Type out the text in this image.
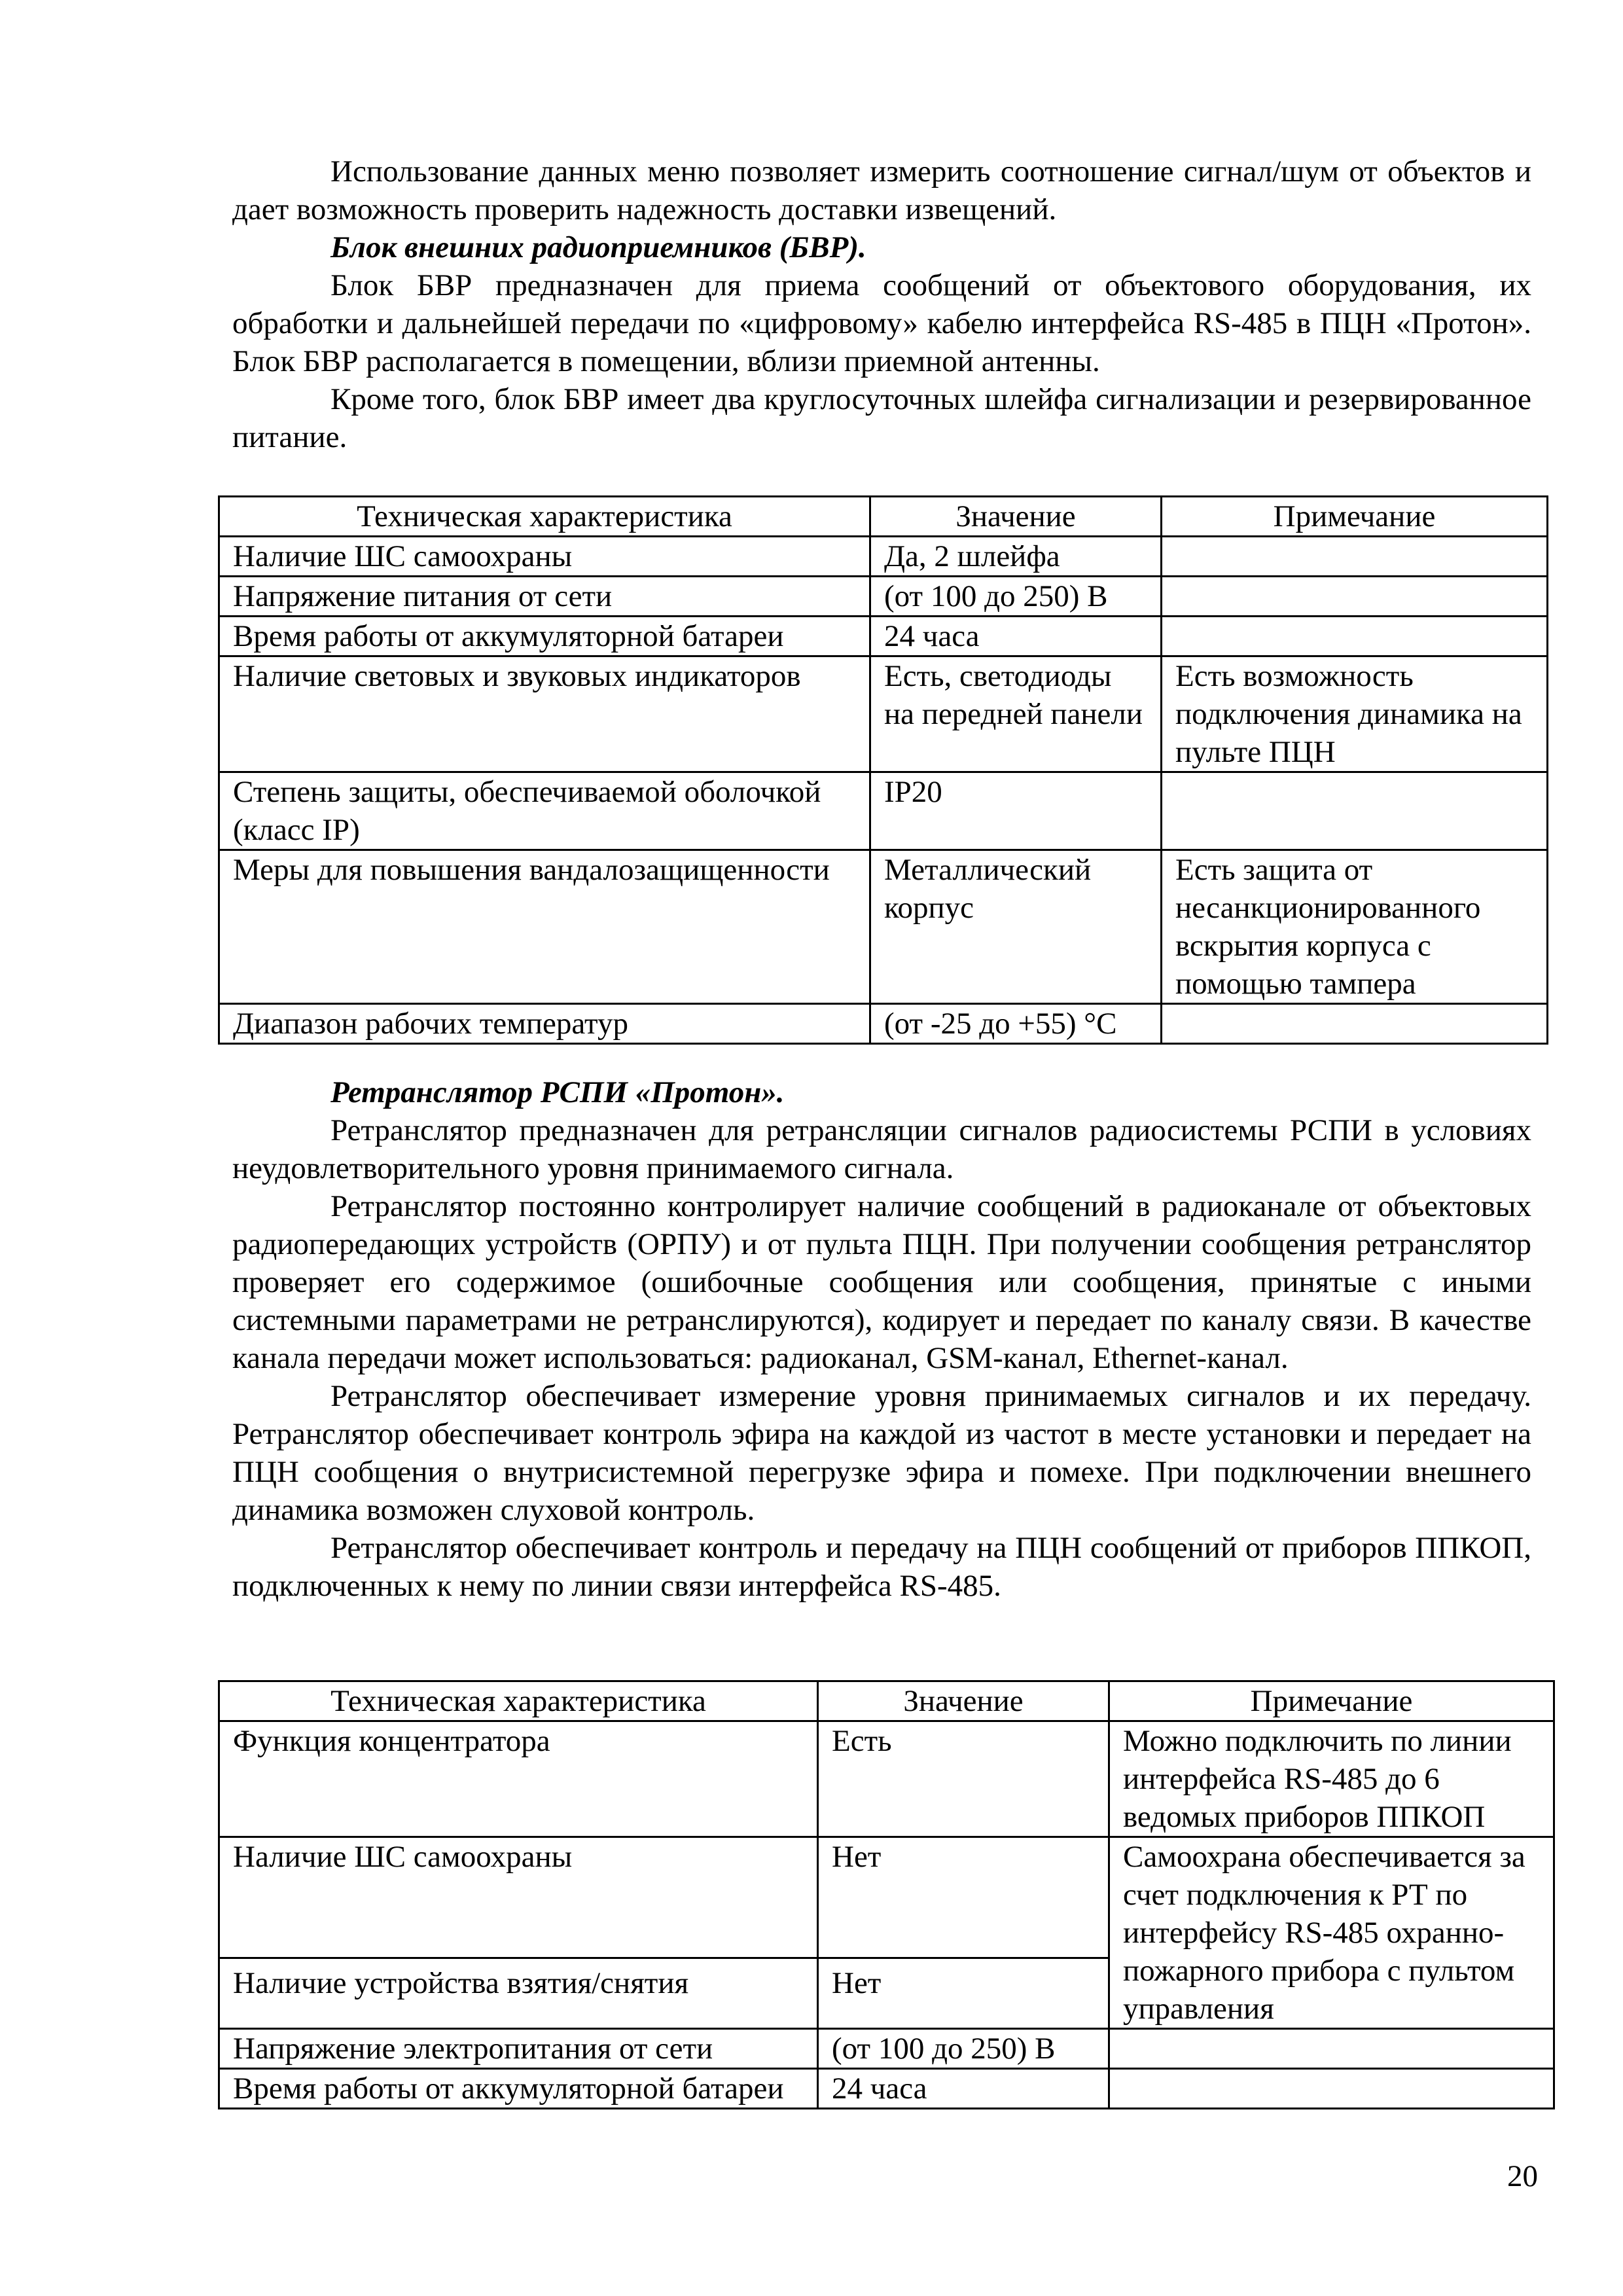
Использование данных меню позволяет измерить соотношение сигнал/шум от объектов и дает возможность проверить надежность доставки извещений.

Блок внешних радиоприемников (БВР).

Блок БВР предназначен для приема сообщений от объектового оборудования, их обработки и дальнейшей передачи по «цифровому» кабелю интерфейса RS-485 в ПЦН «Протон». Блок БВР располагается в помещении, вблизи приемной антенны.

Кроме того, блок БВР имеет два круглосуточных шлейфа сигнализации и резервированное питание.

Техническая характеристика	Значение	Примечание
Наличие ШС самоохраны	Да, 2 шлейфа	
Напряжение питания от сети	(от 100 до 250) В	
Время работы от аккумуляторной батареи	24 часа	
Наличие световых и звуковых индикаторов	Есть, светодиоды на передней панели	Есть возможность подключения динамика на пульте ПЦН
Степень защиты, обеспечиваемой оболочкой (класс IP)	IP20	
Меры для повышения вандалозащищенности	Металлический корпус	Есть защита от несанкционированного вскрытия корпуса с помощью тампера
Диапазон рабочих температур	(от -25 до +55) °С	

Ретранслятор РСПИ «Протон».

Ретранслятор предназначен для ретрансляции сигналов радиосистемы РСПИ в условиях неудовлетворительного уровня принимаемого сигнала.

Ретранслятор постоянно контролирует наличие сообщений в радиоканале от объектовых радиопередающих устройств (ОРПУ) и от пульта ПЦН. При получении сообщения ретранслятор проверяет его содержимое (ошибочные сообщения или сообщения, принятые с иными системными параметрами не ретранслируются), кодирует и передает по каналу связи. В качестве канала передачи может использоваться: радиоканал, GSM-канал, Ethernet-канал.

Ретранслятор обеспечивает измерение уровня принимаемых сигналов и их передачу. Ретранслятор обеспечивает контроль эфира на каждой из частот в месте установки и передает на ПЦН сообщения о внутрисистемной перегрузке эфира и помехе. При подключении внешнего динамика возможен слуховой контроль.

Ретранслятор обеспечивает контроль и передачу на ПЦН сообщений от приборов ППКОП, подключенных к нему по линии связи интерфейса RS-485.

Техническая характеристика	Значение	Примечание
Функция концентратора	Есть	Можно подключить по линии интерфейса RS-485 до 6 ведомых приборов ППКОП
Наличие ШС самоохраны	Нет	Самоохрана обеспечивается за счет подключения к РТ по интерфейсу RS-485 охранно-пожарного прибора с пультом управления
Наличие устройства взятия/снятия	Нет	
Напряжение электропитания от сети	(от 100 до 250) В	
Время работы от аккумуляторной батареи	24 часа	
20
